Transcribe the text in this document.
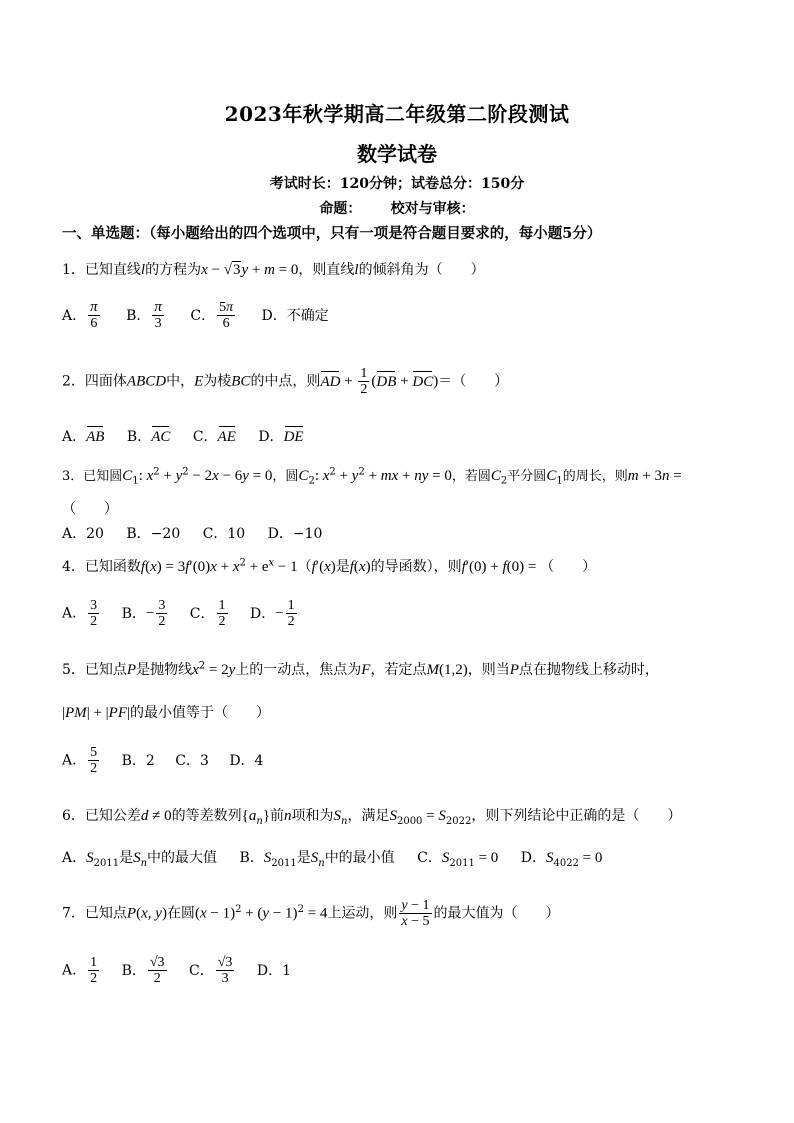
2023年秋学期高二年级第二阶段测试
数学试卷
考试时长：120分钟；试卷总分：150分
命题：      校对与审核：
一、单选题：（每小题给出的四个选项中，只有一项是符合题目要求的，每小题5分）
1．已知直线l的方程为x − √3y + m = 0，则直线l的倾斜角为（　　）
A． $\frac{\pi}{6}$ B． $\frac{\pi}{3}$ C． $\frac{5\pi}{6}$ D．不确定
2．四面体ABCD中，E为棱BC的中点，则AD + $\frac{1}{2} (DB + DC)=$（　　）
A．AB B．AC C．AE D．DE
3．已知圆$C_1$: $x^2 + y^2 - 2x - 6y = 0$，圆$C_2$: $x^2 + y^2$ + mx + ny = 0，若圆$C_2$平分圆$C_1$的周长，则m + 3n =
（　　）
A．20 B．−20 C．10 D．−10
4．已知函数$f(x) = 3f'(0)x + x^2 + e^x - 1(f'(x)$是f(x)的导函数），则f′(0) + f(0) = （　　）
A． $\frac{3}{2}$ B．− $\frac{3}{2}$ C． $\frac{1}{2}$ D．− $\frac{1}{2}$
5．已知点P是抛物线$x^2 = 2y$上的一动点，焦点为F，若定点M(1,2)，则当P点在抛物线上移动时，
|PM| + |PF|的最小值等于（　　）
A． $\frac{5}{2}$ B．2 C．3 D．4
6．已知公差d ≠ 0的等差数列$\{a_n\}$前n项和为$S_n$，满足$S_{2000} = S_{2022}$，则下列结论中正确的是（　　）
A．$S_{2011}$是$S_n$中的最大值 B．$S_{2011}$是$S_n$中的最小值 C．$S_{2011} = 0$ D．$S_{4022} = 0$
7．已知点P(x, y)在圆$(x - 1)^2 + (y - 1)^2 = 4$上运动，则 $\frac{y - 1}{x - 5}$ 的最大值为（　　）
A． $\frac{1}{2}$ B． $\frac{√3}{2}$ C． $\frac{√3}{3}$ D．1
